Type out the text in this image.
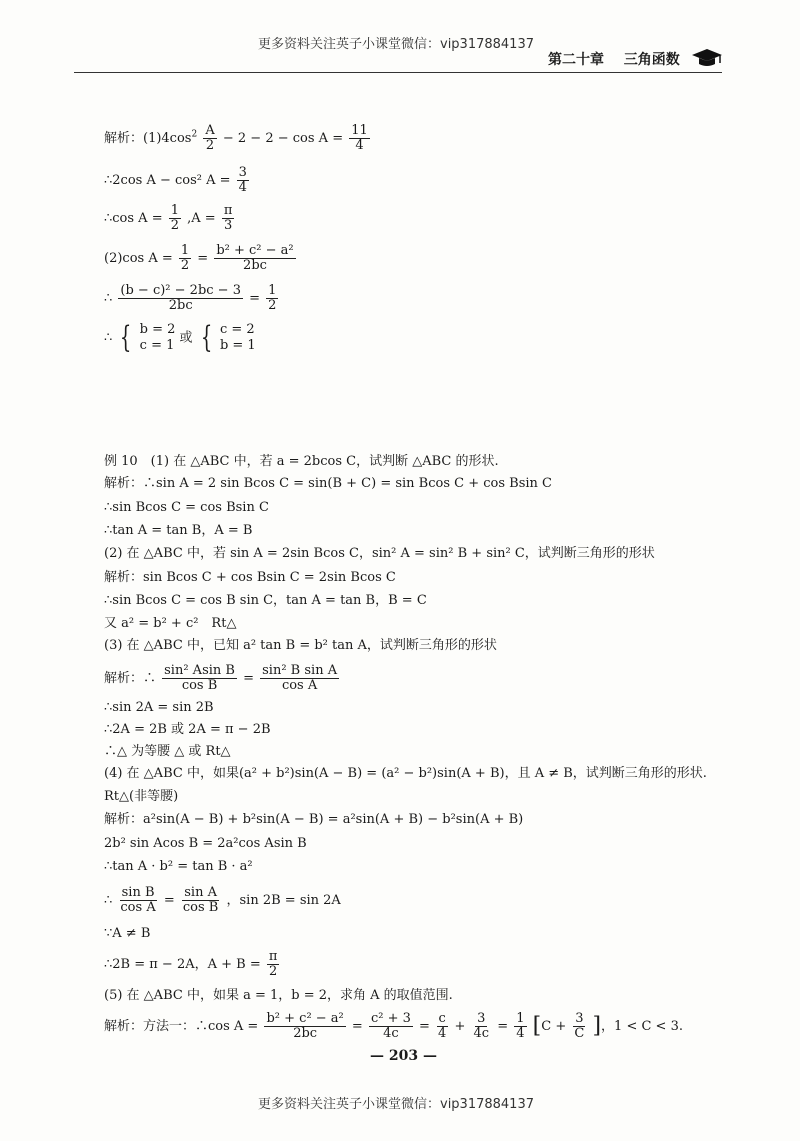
更多资料关注英子小课堂微信：vip317884137
第二十章 三角函数
解析：$(1)4\cos^2 \frac{A}{2} - 2 - 2 - \cos A = \frac{11}{4}$
∴2cos A − cos² $A = \frac{3}{4}$
∴cos $A = \frac{1}{2} ,A = \frac{\pi}{3}$
(2)cos $A = \frac{1}{2} = \frac{\text{b² + c² − a²}}{2bc}$
∴ $\frac{\text{(b − c)² − 2bc − 3}}{2bc} = \frac{1}{2}$
∴ { b = 2
c = 1 或 { c = 2
b = 1
例 10　(1) 在 △ABC 中，若 a = 2bcos C，试判断 △ABC 的形状.
解析：∴sin A = 2 sin Bcos C = sin(B + C) = sin Bcos C + cos Bsin C
∴sin Bcos C = cos Bsin C
∴tan A = tan B，A = B
(2) 在 △ABC 中，若 sin A = 2sin Bcos C，sin² A = sin² B + sin² C，试判断三角形的形状
解析：sin Bcos C + cos Bsin C = 2sin Bcos C
∴sin Bcos C = cos B sin C，tan A = tan B，B = C
又 a² = b² + c²　Rt△
(3) 在 △ABC 中，已知 a² tan B = b² tan A，试判断三角形的形状
解析：∴ $\frac{\text{sin² Asin B}}{\text{cos B}} = \frac{\text{sin² B sin A}}{\text{cos A}}$
∴sin 2A = sin 2B
∴2A = 2B 或 2A = π − 2B
∴△ 为等腰 △ 或 Rt△
(4) 在 △ABC 中，如果(a² + b²)sin(A − B) = (a² − b²)sin(A + B)，且 A ≠ B，试判断三角形的形状.
Rt△(非等腰)
解析：a²sin(A − B) + b²sin(A − B) = a²sin(A + B) − b²sin(A + B)
2b² sin Acos B = 2a²cos Asin B
∴tan A · b² = tan B · a²
∴ $\frac{\text{sin B}}{\text{cos A}} = \frac{\text{sin A}}{\text{cos B}}$ ，sin 2B = sin 2A
∵A ≠ B
∴2B = π − 2A，$A + B = \frac{\pi}{2}$
(5) 在 △ABC 中，如果 a = 1，b = 2，求角 A 的取值范围.
解析：方法一：∴cos $A = \frac{\text{b² + c² − a²}}{2bc} = \frac{\text{c² + 3}}{4c} = \frac{c}{4} + \frac{3}{4c} = \frac{1}{4} [C + \frac{3}{C}$ ]，1 < C < 3.
— 203 —
更多资料关注英子小课堂微信：vip317884137
